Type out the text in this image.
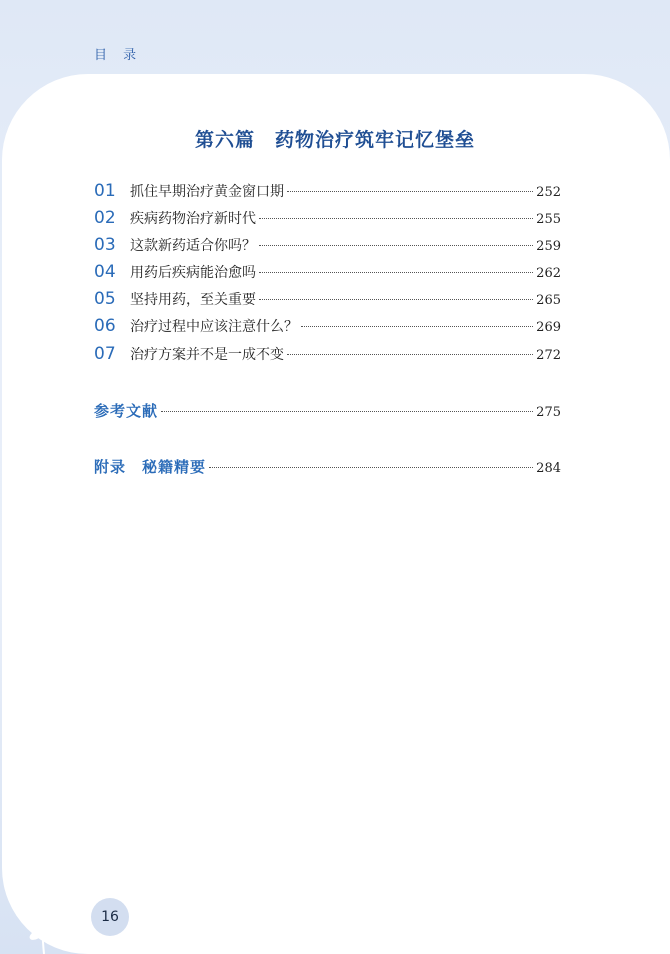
目 录
第六篇　药物治疗筑牢记忆堡垒
01	抓住早期治疗黄金窗口期	252
02	疾病药物治疗新时代	255
03	这款新药适合你吗？	259
04	用药后疾病能治愈吗	262
05	坚持用药，至关重要	265
06	治疗过程中应该注意什么？	269
07	治疗方案并不是一成不变	272
参考文献	275
附录　秘籍精要	284
16
